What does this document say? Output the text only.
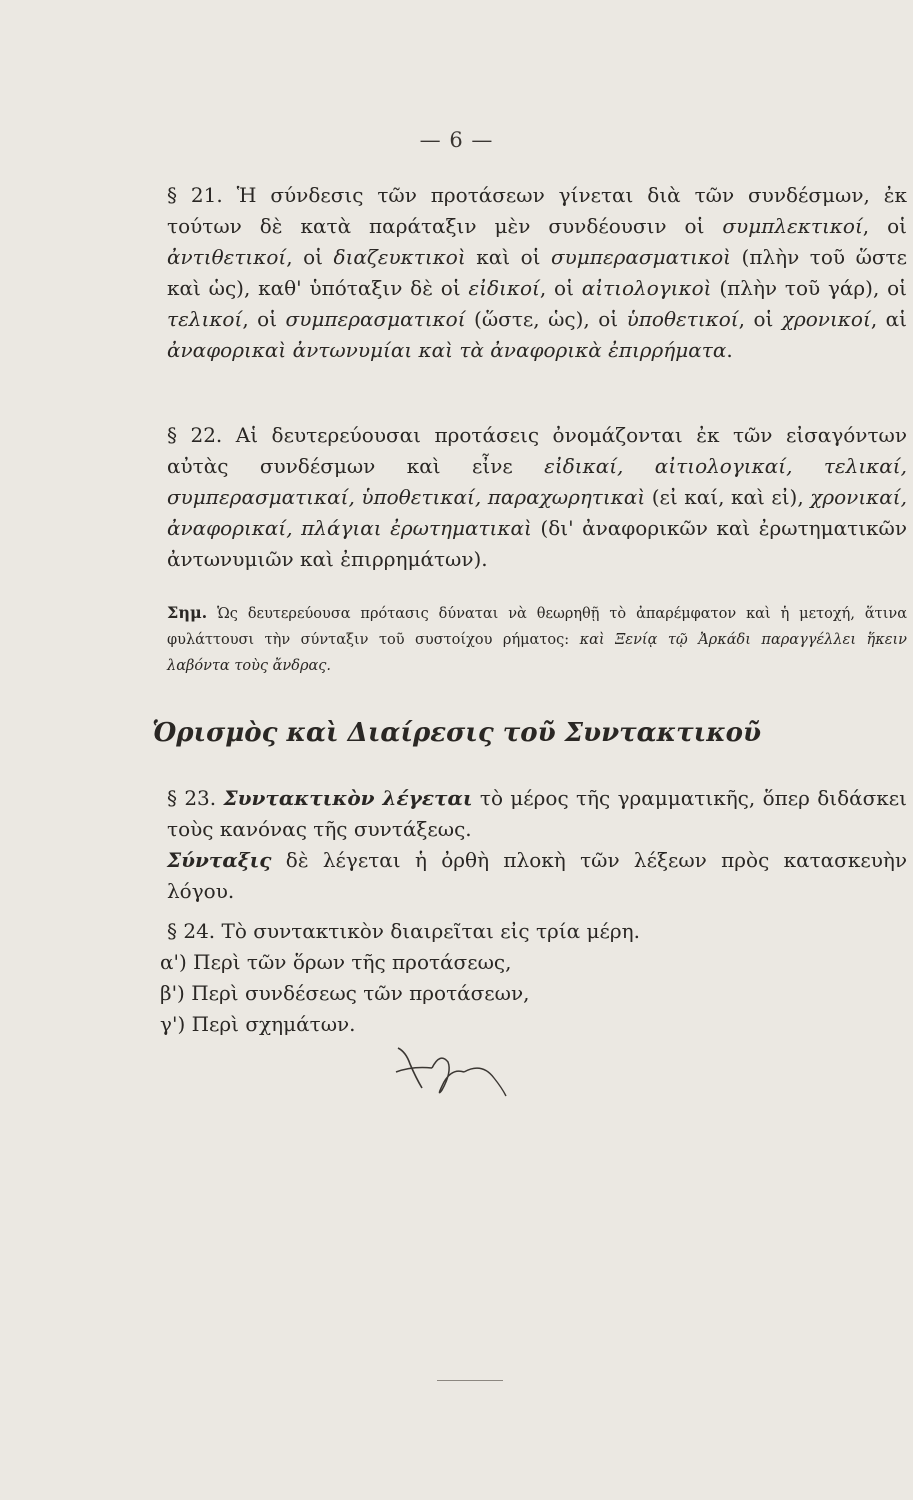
— 6 —

§ 21. Ἡ σύνδεσις τῶν προτάσεων γίνεται διὰ τῶν συνδέσμων, ἐκ τούτων δὲ κατὰ παράταξιν μὲν συνδέουσιν οἱ συμπλεκτικοί, οἱ ἀντιθετικοί, οἱ διαζευκτικοὶ καὶ οἱ συμπερασματικοὶ (πλὴν τοῦ ὥστε καὶ ὡς), καθ' ὑπόταξιν δὲ οἱ εἰδικοί, οἱ αἰτιολογικοὶ (πλὴν τοῦ γάρ), οἱ τελικοί, οἱ συμπερασματικοί (ὥστε, ὡς), οἱ ὑποθετικοί, οἱ χρονικοί, αἱ ἀναφορικαὶ ἀντωνυμίαι καὶ τὰ ἀναφορικὰ ἐπιρρήματα.

§ 22. Αἱ δευτερεύουσαι προτάσεις ὀνομάζονται ἐκ τῶν εἰσαγόντων αὐτὰς συνδέσμων καὶ εἶνε εἰδικαί, αἰτιολογικαί, τελικαί, συμπερασματικαί, ὑποθετικαί, παραχωρητικαὶ (εἰ καί, καὶ εἰ), χρονικαί, ἀναφορικαί, πλάγιαι ἐρωτηματικαὶ (δι' ἀναφορικῶν καὶ ἐρωτηματικῶν ἀντωνυμιῶν καὶ ἐπιρρημάτων).

Σημ. Ὡς δευτερεύουσα πρότασις δύναται νὰ θεωρηθῇ τὸ ἀπαρέμφατον καὶ ἡ μετοχή, ἅτινα φυλάττουσι τὴν σύνταξιν τοῦ συστοίχου ρήματος: καὶ Ξενίᾳ τῷ Ἀρκάδι παραγγέλλει ἥκειν λαβόντα τοὺς ἄνδρας.

Ὁρισμὸς καὶ Διαίρεσις τοῦ Συντακτικοῦ

§ 23. Συντακτικὸν λέγεται τὸ μέρος τῆς γραμματικῆς, ὅπερ διδάσκει τοὺς κανόνας τῆς συντάξεως.

Σύνταξις δὲ λέγεται ἡ ὀρθὴ πλοκὴ τῶν λέξεων πρὸς κατασκευὴν λόγου.

§ 24. Τὸ συντακτικὸν διαιρεῖται εἰς τρία μέρη.

α') Περὶ τῶν ὅρων τῆς προτάσεως,
β') Περὶ συνδέσεως τῶν προτάσεων,
γ') Περὶ σχημάτων.
